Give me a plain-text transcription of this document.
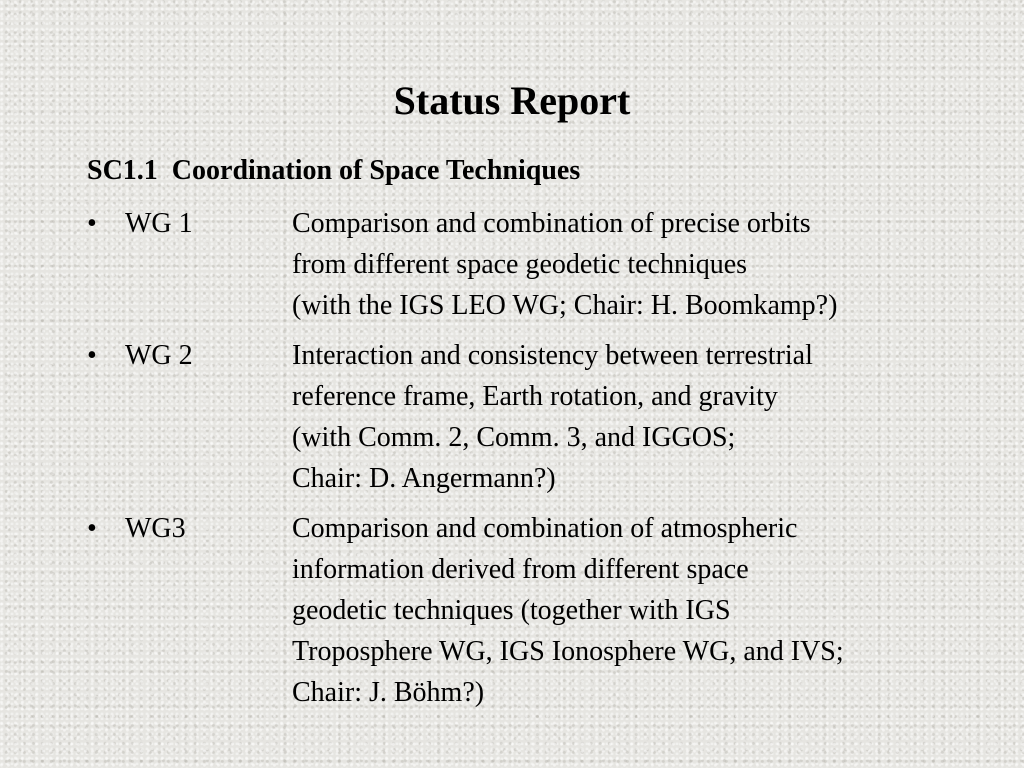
Status Report
SC1.1  Coordination of Space Techniques
•	WG 1	Comparison and combination of precise orbits
from different space geodetic techniques
(with the IGS LEO WG; Chair: H. Boomkamp?)
•	WG 2	Interaction and consistency between terrestrial
reference frame, Earth rotation, and gravity
(with Comm. 2, Comm. 3, and IGGOS;
Chair: D. Angermann?)
•	WG3	Comparison and combination of atmospheric
information derived from different space
geodetic techniques (together with IGS
Troposphere WG, IGS Ionosphere WG, and IVS;
Chair: J. Böhm?)
